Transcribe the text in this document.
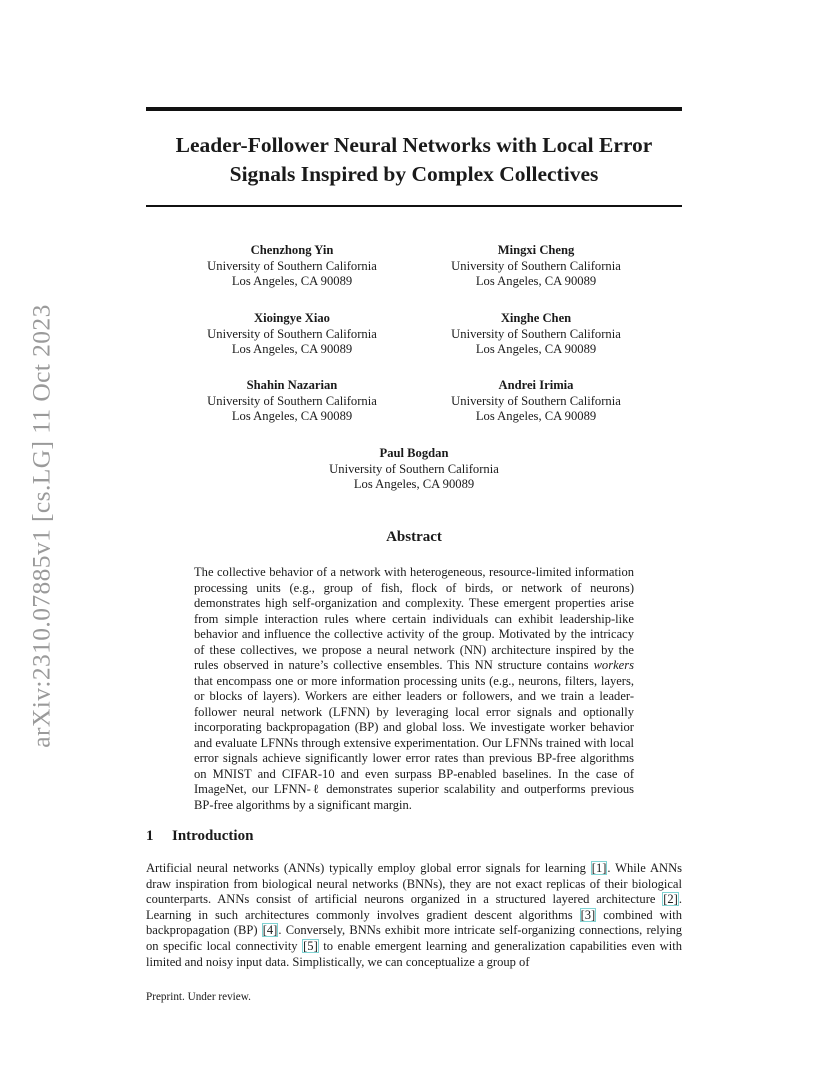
arXiv:2310.07885v1 [cs.LG] 11 Oct 2023
Leader-Follower Neural Networks with Local Error
Signals Inspired by Complex Collectives
Chenzhong Yin
University of Southern California
Los Angeles, CA 90089
Mingxi Cheng
University of Southern California
Los Angeles, CA 90089
Xioingye Xiao
University of Southern California
Los Angeles, CA 90089
Xinghe Chen
University of Southern California
Los Angeles, CA 90089
Shahin Nazarian
University of Southern California
Los Angeles, CA 90089
Andrei Irimia
University of Southern California
Los Angeles, CA 90089
Paul Bogdan
University of Southern California
Los Angeles, CA 90089
Abstract
The collective behavior of a network with heterogeneous, resource-limited information processing units (e.g., group of fish, flock of birds, or network of neurons) demonstrates high self-organization and complexity. These emergent properties arise from simple interaction rules where certain individuals can exhibit leadership-like behavior and influence the collective activity of the group. Motivated by the intricacy of these collectives, we propose a neural network (NN) architecture inspired by the rules observed in nature’s collective ensembles. This NN structure contains workers that encompass one or more information processing units (e.g., neurons, filters, layers, or blocks of layers). Workers are either leaders or followers, and we train a leader-follower neural network (LFNN) by leveraging local error signals and optionally incorporating backpropagation (BP) and global loss. We investigate worker behavior and evaluate LFNNs through extensive experimentation. Our LFNNs trained with local error signals achieve significantly lower error rates than previous BP-free algorithms on MNIST and CIFAR-10 and even surpass BP-enabled baselines. In the case of ImageNet, our LFNN-ℓ demonstrates superior scalability and outperforms previous BP-free algorithms by a significant margin.
1 Introduction
Artificial neural networks (ANNs) typically employ global error signals for learning [1]. While ANNs draw inspiration from biological neural networks (BNNs), they are not exact replicas of their biological counterparts. ANNs consist of artificial neurons organized in a structured layered architecture [2]. Learning in such architectures commonly involves gradient descent algorithms [3] combined with backpropagation (BP) [4]. Conversely, BNNs exhibit more intricate self-organizing connections, relying on specific local connectivity [5] to enable emergent learning and generalization capabilities even with limited and noisy input data. Simplistically, we can conceptualize a group of
Preprint. Under review.
